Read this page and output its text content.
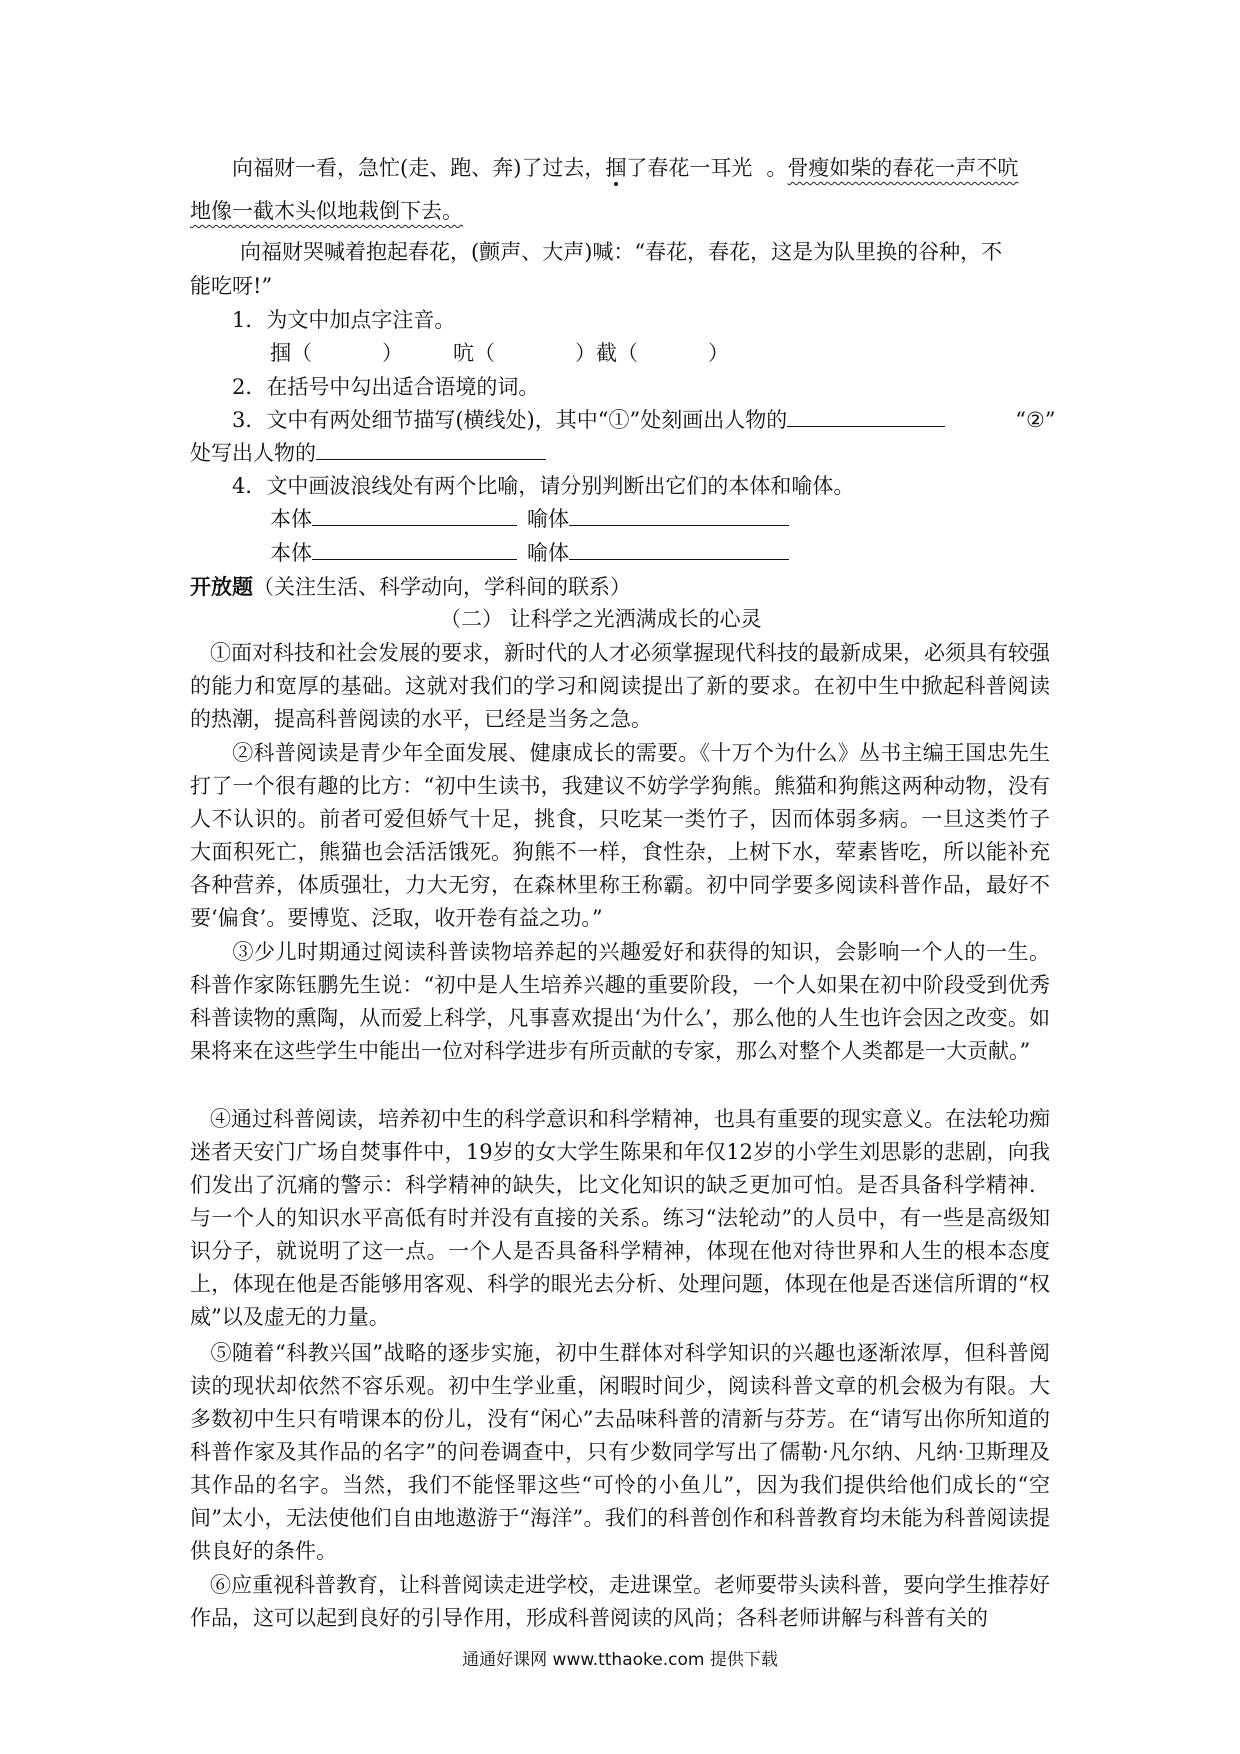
向福财一看，急忙(走、跑、奔)了过去，掴了春花一耳光 。骨瘦如柴的春花一声不吭
地像一截木头似地栽倒下去。
向福财哭喊着抱起春花，(颤声、大声)喊：“春花，春花，这是为队里换的谷种，不
能吃呀!”
1．为文中加点字注音。
掴（	） 吭（	）截（	）
2．在括号中勾出适合语境的词。
3．文中有两处细节描写(横线处)，其中“①”处刻画出人物的	“②”
处写出人物的
4．文中画波浪线处有两个比喻，请分别判断出它们的本体和喻体。
本体	喻体
本体	喻体
开放题（关注生活、科学动向，学科间的联系）
（二） 让科学之光洒满成长的心灵
①面对科技和社会发展的要求，新时代的人才必须掌握现代科技的最新成果，必须具有较强的能力和宽厚的基础。这就对我们的学习和阅读提出了新的要求。在初中生中掀起科普阅读的热潮，提高科普阅读的水平，已经是当务之急。
②科普阅读是青少年全面发展、健康成长的需要。《十万个为什么》丛书主编王国忠先生打了一个很有趣的比方：“初中生读书，我建议不妨学学狗熊。熊猫和狗熊这两种动物，没有人不认识的。前者可爱但娇气十足，挑食，只吃某一类竹子，因而体弱多病。一旦这类竹子大面积死亡，熊猫也会活活饿死。狗熊不一样，食性杂，上树下水，荤素皆吃，所以能补充各种营养，体质强壮，力大无穷，在森林里称王称霸。初中同学要多阅读科普作品，最好不要‘偏食’。要博览、泛取，收开卷有益之功。”
③少儿时期通过阅读科普读物培养起的兴趣爱好和获得的知识，会影响一个人的一生。科普作家陈钰鹏先生说：“初中是人生培养兴趣的重要阶段，一个人如果在初中阶段受到优秀科普读物的熏陶，从而爱上科学，凡事喜欢提出‘为什么’，那么他的人生也许会因之改变。如果将来在这些学生中能出一位对科学进步有所贡献的专家，那么对整个人类都是一大贡献。”
④通过科普阅读，培养初中生的科学意识和科学精神，也具有重要的现实意义。在法轮功痴迷者天安门广场自焚事件中，19岁的女大学生陈果和年仅12岁的小学生刘思影的悲剧，向我们发出了沉痛的警示：科学精神的缺失，比文化知识的缺乏更加可怕。是否具备科学精神．与一个人的知识水平高低有时并没有直接的关系。练习“法轮动”的人员中，有一些是高级知识分子，就说明了这一点。一个人是否具备科学精神，体现在他对待世界和人生的根本态度上，体现在他是否能够用客观、科学的眼光去分析、处理问题，体现在他是否迷信所谓的“权威”以及虚无的力量。
⑤随着“科教兴国”战略的逐步实施，初中生群体对科学知识的兴趣也逐渐浓厚，但科普阅读的现状却依然不容乐观。初中生学业重，闲暇时间少，阅读科普文章的机会极为有限。大多数初中生只有啃课本的份儿，没有“闲心”去品味科普的清新与芬芳。在“请写出你所知道的科普作家及其作品的名字”的问卷调查中，只有少数同学写出了儒勒·凡尔纳、凡纳·卫斯理及其作品的名字。当然，我们不能怪罪这些“可怜的小鱼儿”，因为我们提供给他们成长的“空间”太小，无法使他们自由地遨游于“海洋”。我们的科普创作和科普教育均未能为科普阅读提供良好的条件。
⑥应重视科普教育，让科普阅读走进学校，走进课堂。老师要带头读科普，要向学生推荐好作品，这可以起到良好的引导作用，形成科普阅读的风尚；各科老师讲解与科普有关的
通通好课网 www.tthaoke.com 提供下载
